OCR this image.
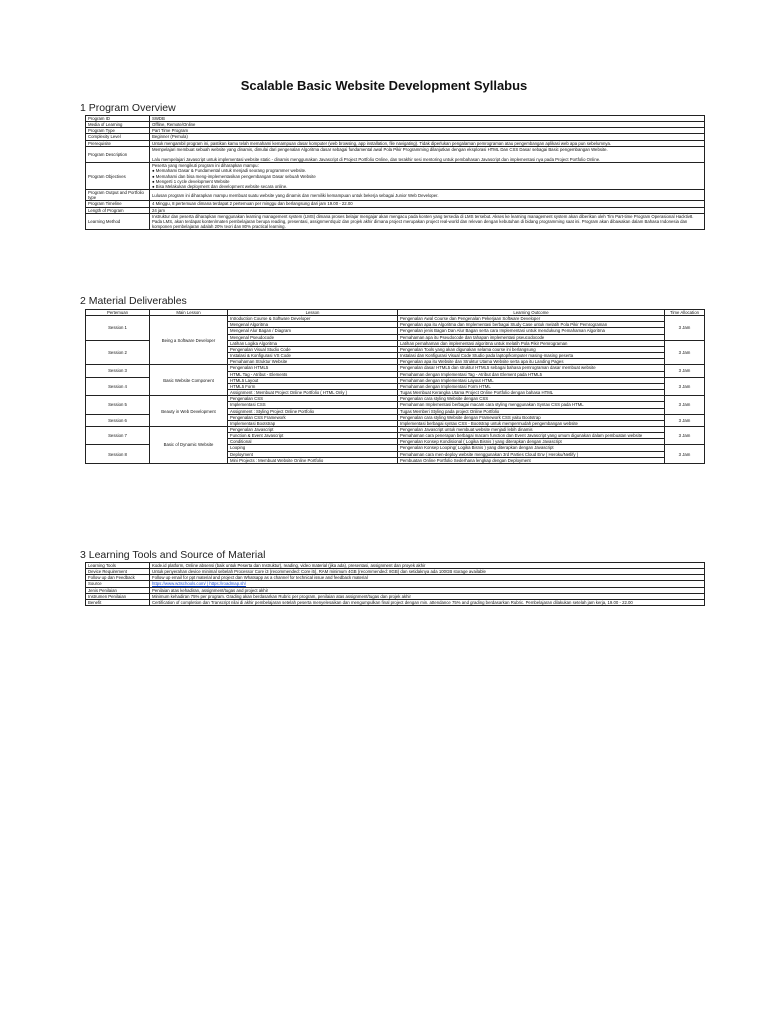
Scalable Basic Website Development Syllabus
1 Program Overview
Program ID	SWDB
Media of Learning	Offline, Remote/Online
Program Type	Part Time Program
Complexity Level	Beginner (Pemula)
Prerequisite	Untuk mengambil program ini, pastikan kamu telah memahami kemampuan dasar komputer (web browsing, app installation, file navigating). Tidak diperlukan pengalaman pemrograman atau pengembangan aplikasi web apa pun sebelumnya.
Program Description	Mempelajari membuat sebuah website yang dinamis, dimulai dari pengenalan Algoritma dasar sebagai fundamental awal Pola Pikir Programming dilanjutkan dengan eksplorasi HTML Dan CSS Dasar sebagai Basic pengembangan Website.

Lalu mempelajari Javascript untuk implementasi website static - dinamis menggunakan Javascript di Project Portfolio Online, dan terakhir sesi mentoring untuk pembahasan Javascript dan implementasi nya pada Project Portfolio Online.
Program Objectives	Peserta yang mengikuti program ini diharapkan mampu:
● Memahami Dasar & Fundamental untuk menjadi seorang programmer website.
● Memahami dan bisa meng-implementasikan pengembangan Dasar sebuah Website
● Mengerti 1 cycle development Website
● Bisa Melakukan deployment dan development website secara online.
Program Output and Portfolio type	Lulusan program ini diharapkan mampu membuat suatu website yang dinamis dan memiliki kemampuan untuk bekerja sebagai Junior Web Developer.
Program Timeline	4 Minggu, 8 pertemuan dimana terdapat 2 pertemuan per minggu dan berlangsung dari jam 19.00 - 22.00
Length of Program	24 jam
Learning Method	Instruktur dan peserta diharapkan menggunakan learning management system (LMS) dimana proses belajar mengajar akan mengacu pada konten yang tersedia di LMS tersebut. Akses ke learning management system akan diberikan oleh Tim Part-time Program Operasional Hacktiv8. Pada LMS, akan terdapat konten/materi pembelajaran berupa reading, presentasi, assignment/quiz dan projek akhir dimana project merupakan project real-world dan relevan dengan kebutuhan di bidang programming saat ini. Program akan dibawakan dalam Bahasa Indonesia dan komponen pembelajaran adalah 20% teori dan 80% practical learning.
2 Material Deliverables
Pertemuan	Main Lesson	Lesson	Learning Outcome	Time Allocation
Session 1	Being a Software Developer	Introduction Course & Software Developer	Pengenalan Awal Course dan Pengenalan Pekerjaan Software Developer	3 Jam
		Mengenal Algoritma	Pengenalan apa itu Algoritma dan Implementasi berbagai Study Case untuk melatih Pola Pikir Pemrograman	
		Mengenal Alur Bagan / Diagram	Pengenalan jenis Bagan Dan Alur Bagan serta cara Implementasi untuk mendukung Pemahaman Algoritma	
		Mengenal Pseudocode	Pemahaman apa itu Pseudocode dan tahapan implementasi pseucodocode	
Session 2		Latihan Logika Algoritma	Latihan pemahaman dan implementasi algoritma untuk melatih Pola Pikir Pemrograman	3 Jam
		Pengenalan Visual Studio Code	Pengenalan Tools yang akan digunakan selama course ini berlangsung	
		Instalasi & Konfigurasi VS Code	Instalasi dan Konfigurasi Visual Code Studio pada laptop/komputer masing-masing peserta	
		Pemahaman Struktur Website	Pengenalan apa itu Website dan Struktur Utama Website serta apa itu Landing Pages	
Session 3	Basic Website Component	Pengenalan HTML5	Pengenalan dasar HTML5 dan struktur HTML5 sebagai bahasa pemrograman dasar membuat website	3 Jam
		HTML Tag - Atribut - Elements	Pemahaman dengan Implementasi Tag - Atribut dan Element pada HTML5	
Session 4		HTML5 Layout	Pemahaman dengan Implementasi Layout HTML	3 Jam
		HTML5 Form	Pemahaman dengan Implementasi Form HTML	
		Assignment : Membuat Project Online Portfolio ( HTML Only )	Tugas Membuat Kerangka Utama Project Online Portfolio dengan bahasa HTML	
Session 5	Beauty in Web Development	Pengenalan CSS	Pengenalan cara styling Website dengan CSS	3 Jam
		Implementasi CSS	Pemahaman Implementasi berbagai macam cara styling menggunakan Syntax CSS pada HTML	
		Assignment : Styling Project Online Portfolio	Tugas Memberi Styling pada project Online Portfolio	
Session 6		Pengenalan CSS Framework	Pengenalan cara styling Website dengan Framework CSS yaitu Bootstrap	3 Jam
		Implementasi Bootstrap	Implementasi berbagai syntax CSS - Bootstrap untuk mempermudah pengembangan website	
Session 7	Basic of Dynamic Website	Pengenalan Javascript	Pengenalan Javascript untuk membuat website menjadi lebih dinamis	3 Jam
		Function & Event Javascript	Pemahaman cara penerapan berbagai macam function dan Event Javascript yang umum digunakan dalam pembuatan website	
		Conditional	Pengenalan Konsep Kondisional ( Logika Bisnis ) yang diterapkan dengan Javascript	
Session 8		Looping	Pengenalan Konsep Looping( Logika Bisnis ) yang diterapkan dengan Javascript	3 Jam
		Deployment	Pemahaman cara men-deploy website menggunakan 3rd Parties Cloud Env ( Heroku/Netlify )	
		Mini Projects : Membuat Website Online Portfolio	Pembuatan Online Portfolio Sederhana lengkap dengan Deployment	
3 Learning Tools and Source of Material
Learning Tools	Kode.id platform, Online absensi (baik untuk Peserta dan Instruktur), reading, video material (jika ada), presentasi, assignment dan proyek akhir
Device Requirement	Untuk penyerahan device minimal sebelah Processor Core i3 (recommended: Core i5), RAM minimum 4GB (recommended: 8GB) dan setidaknya ada 100GB storage available
Follow up dan Feedback	Follow up email for ppt material and project dan Whatsapp as a channel for technical issue and feedback material
Source	https://www.w3schools.com/ | https://roadmap.sh/
Jenis Penilaian	Penilaian atas kehadiran, assignment/tugas and project akhir
Instrumen Penilaian	Minimum kehadiran 75% per program. Grading akan berdasarkan Rubric per program, penilaian atas assignment/tugas dan projek akhir
Benefit	Certification of completion dan Transcript nilai di akhir pembelajaran setelah peserta menyelesaikan dan mengumpulkan final project dengan min. attendance 75% and grading berdasarkan Rubric. Pembelajaran dilakukan setelah jam kerja, 19.00 - 22.00
